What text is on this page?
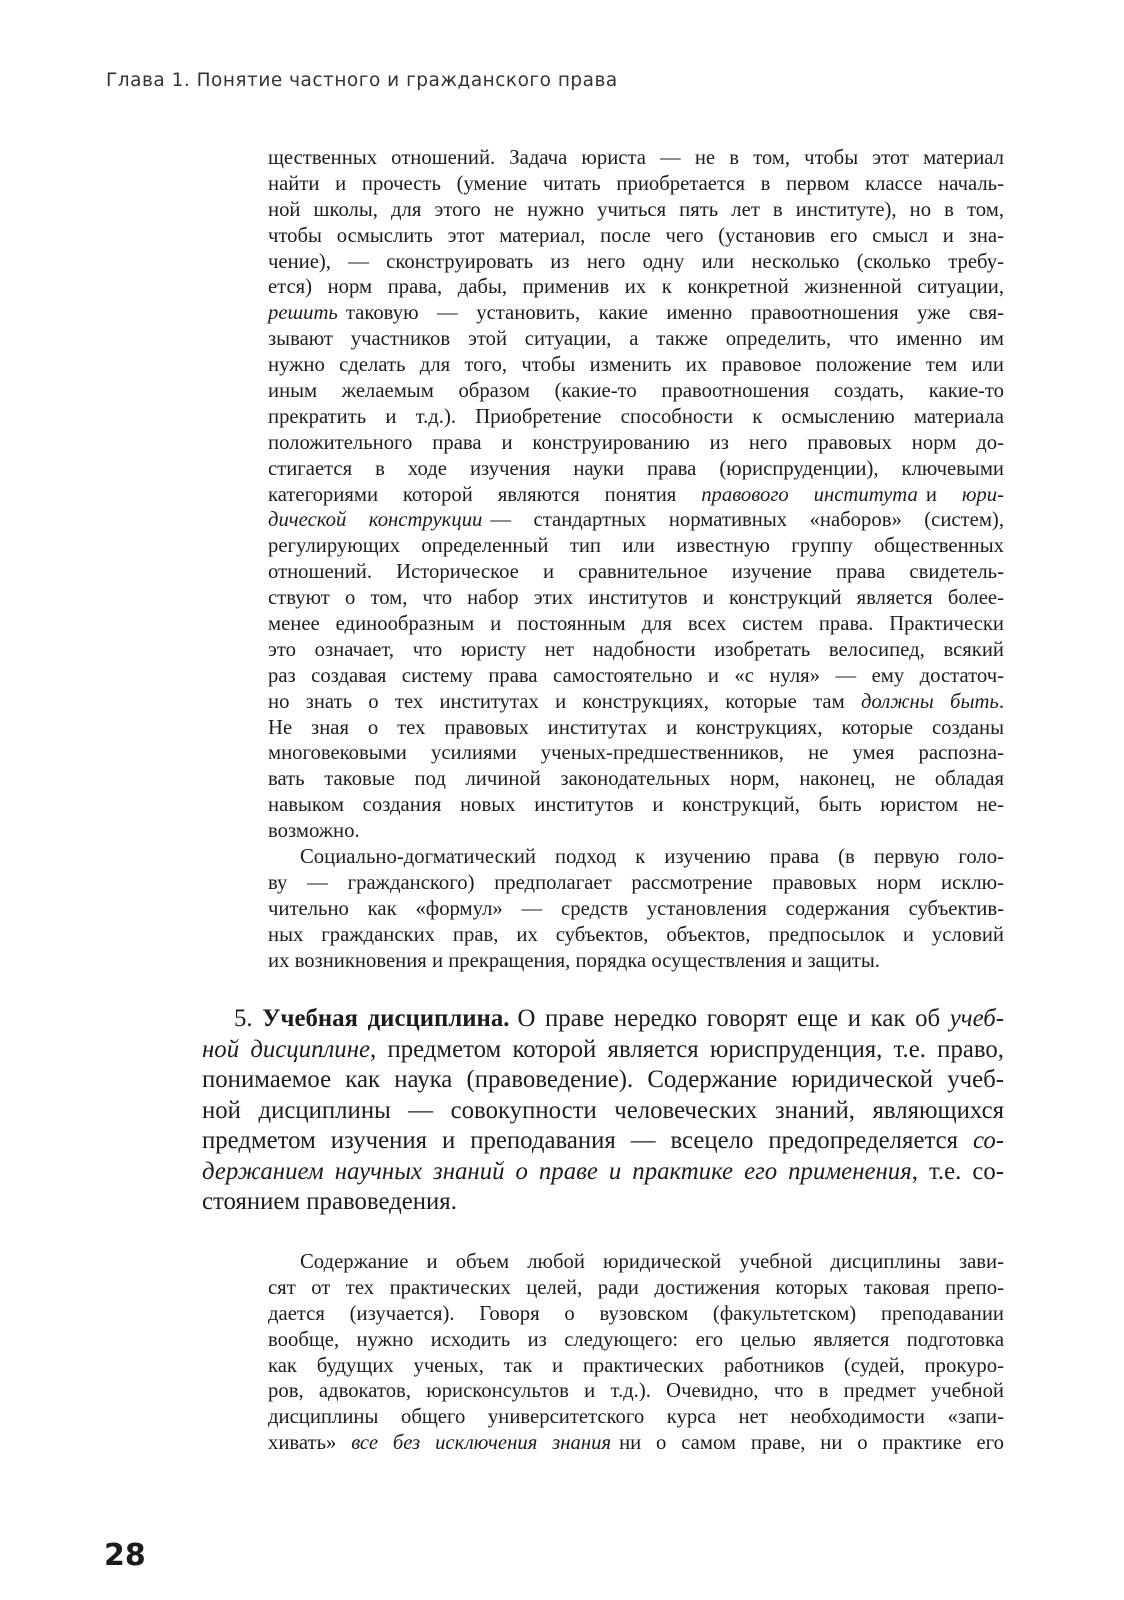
Глава 1. Понятие частного и гражданского права
щественных отношений. Задача юриста — не в том, чтобы этот материал
найти и прочесть (умение читать приобретается в первом классе началь-
ной школы, для этого не нужно учиться пять лет в институте), но в том,
чтобы осмыслить этот материал, после чего (установив его смысл и зна-
чение), — сконструировать из него одну или несколько (сколько требу-
ется) норм права, дабы, применив их к конкретной жизненной ситуации,
решить таковую — установить, какие именно правоотношения уже свя-
зывают участников этой ситуации, а также определить, что именно им
нужно сделать для того, чтобы изменить их правовое положение тем или
иным желаемым образом (какие-то правоотношения создать, какие-то
прекратить и т.д.). Приобретение способности к осмыслению материала
положительного права и конструированию из него правовых норм до-
стигается в ходе изучения науки права (юриспруденции), ключевыми
категориями которой являются понятия правового института и юри-
дической конструкции — стандартных нормативных «наборов» (систем),
регулирующих определенный тип или известную группу общественных
отношений. Историческое и сравнительное изучение права свидетель-
ствуют о том, что набор этих институтов и конструкций является более-
менее единообразным и постоянным для всех систем права. Практически
это означает, что юристу нет надобности изобретать велосипед, всякий
раз создавая систему права самостоятельно и «с нуля» — ему достаточ-
но знать о тех институтах и конструкциях, которые там должны быть.
Не зная о тех правовых институтах и конструкциях, которые созданы
многовековыми усилиями ученых-предшественников, не умея распозна-
вать таковые под личиной законодательных норм, наконец, не обладая
навыком создания новых институтов и конструкций, быть юристом не-
возможно.
Социально-догматический подход к изучению права (в первую голо-
ву — гражданского) предполагает рассмотрение правовых норм исклю-
чительно как «формул» — средств установления содержания субъектив-
ных гражданских прав, их субъектов, объектов, предпосылок и условий
их возникновения и прекращения, порядка осуществления и защиты.
5. Учебная дисциплина. О праве нередко говорят еще и как об учеб-
ной дисциплине, предметом которой является юриспруденция, т.е. право,
понимаемое как наука (правоведение). Содержание юридической учеб-
ной дисциплины — совокупности человеческих знаний, являющихся
предметом изучения и преподавания — всецело предопределяется со-
держанием научных знаний о праве и практике его применения, т.е. со-
стоянием правоведения.
Содержание и объем любой юридической учебной дисциплины зави-
сят от тех практических целей, ради достижения которых таковая препо-
дается (изучается). Говоря о вузовском (факультетском) преподавании
вообще, нужно исходить из следующего: его целью является подготовка
как будущих ученых, так и практических работников (судей, прокуро-
ров, адвокатов, юрисконсультов и т.д.). Очевидно, что в предмет учебной
дисциплины общего университетского курса нет необходимости «запи-
хивать» все без исключения знания ни о самом праве, ни о практике его
28
